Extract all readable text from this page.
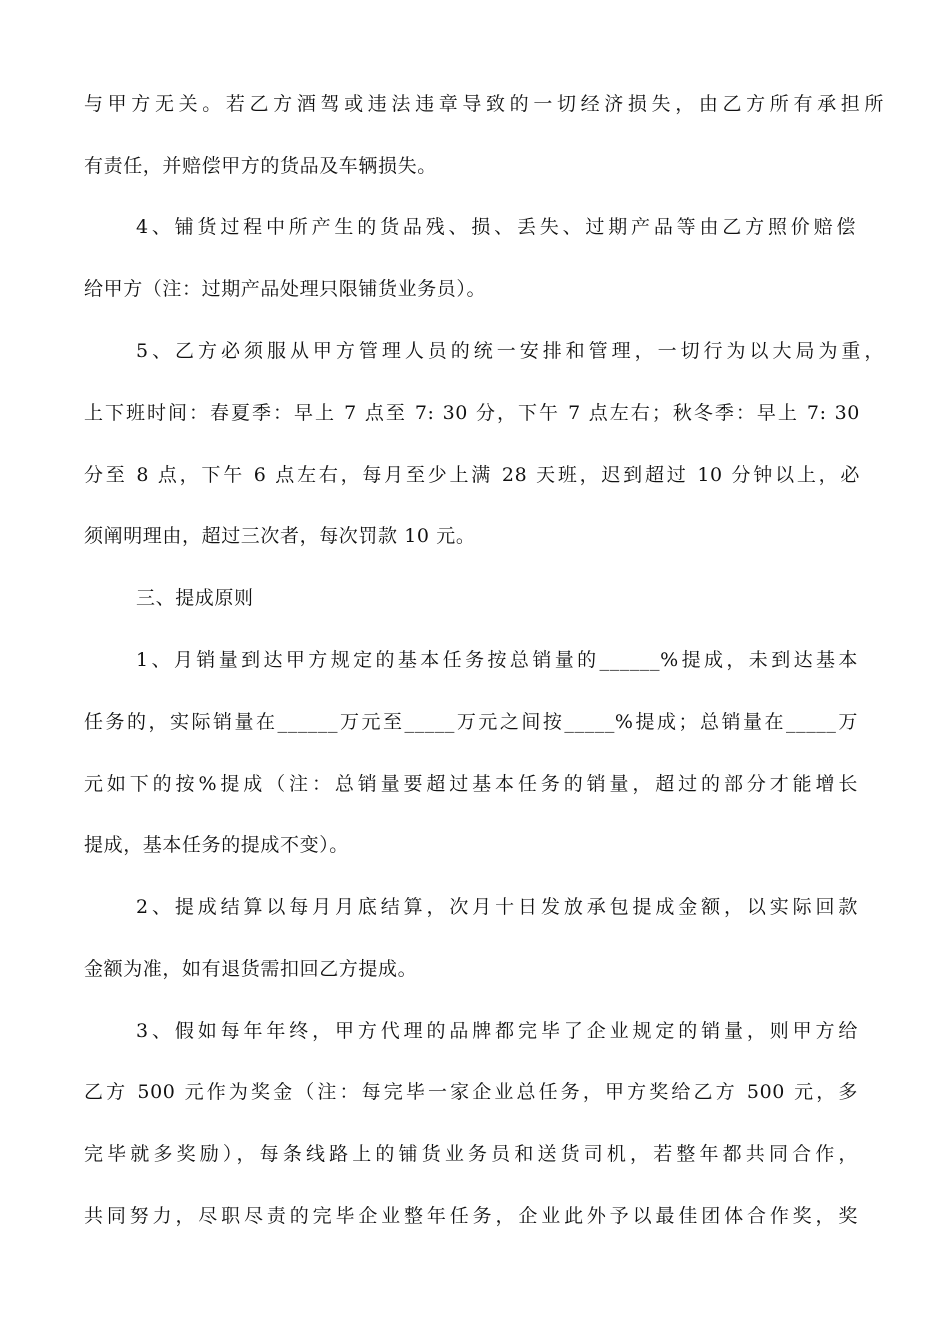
与甲方无关。若乙方酒驾或违法违章导致的一切经济损失，由乙方所有承担所
有责任，并赔偿甲方的货品及车辆损失。
4、铺货过程中所产生的货品残、损、丢失、过期产品等由乙方照价赔偿
给甲方（注：过期产品处理只限铺货业务员）。
5、乙方必须服从甲方管理人员的统一安排和管理，一切行为以大局为重，
上下班时间：春夏季：早上 7 点至 7: 30 分，下午 7 点左右；秋冬季：早上 7: 30
分至 8 点，下午 6 点左右，每月至少上满 28 天班，迟到超过 10 分钟以上，必
须阐明理由，超过三次者，每次罚款 10 元。
三、提成原则
1、月销量到达甲方规定的基本任务按总销量的______%提成，未到达基本
任务的，实际销量在______万元至_____万元之间按_____%提成；总销量在_____万
元如下的按%提成（注：总销量要超过基本任务的销量，超过的部分才能增长
提成，基本任务的提成不变）。
2、提成结算以每月月底结算，次月十日发放承包提成金额，以实际回款
金额为准，如有退货需扣回乙方提成。
3、假如每年年终，甲方代理的品牌都完毕了企业规定的销量，则甲方给
乙方 500 元作为奖金（注：每完毕一家企业总任务，甲方奖给乙方 500 元，多
完毕就多奖励），每条线路上的铺货业务员和送货司机，若整年都共同合作，
共同努力，尽职尽责的完毕企业整年任务，企业此外予以最佳团体合作奖，奖
